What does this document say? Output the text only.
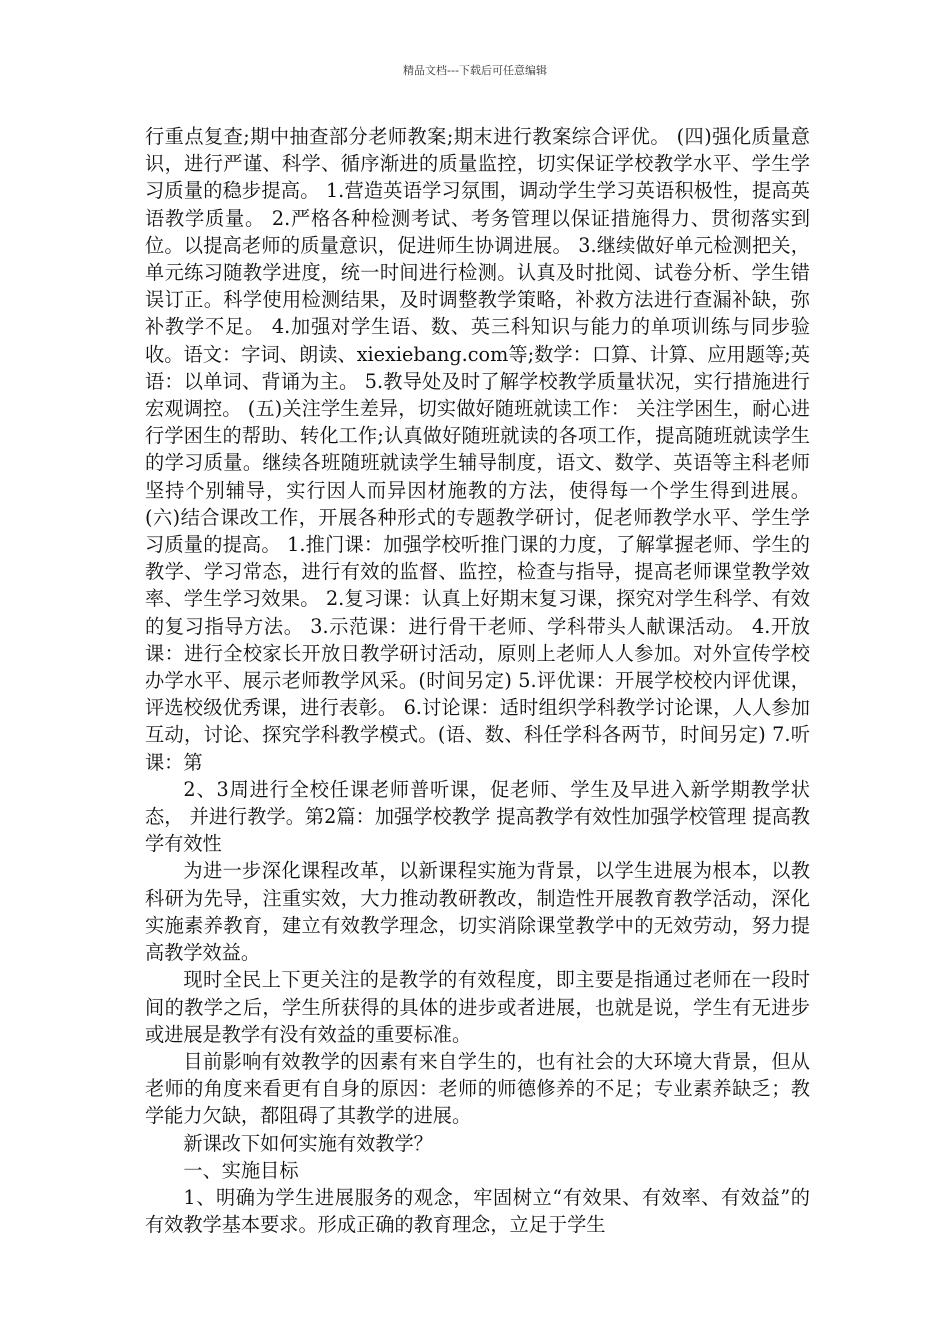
精品文档---下载后可任意编辑

行重点复查;期中抽查部分老师教案;期末进行教案综合评优。 (四)强化质量意识，进行严谨、科学、循序渐进的质量监控，切实保证学校教学水平、学生学习质量的稳步提高。 1.营造英语学习氛围，调动学生学习英语积极性，提高英语教学质量。 2.严格各种检测考试、考务管理以保证措施得力、贯彻落实到位。以提高老师的质量意识，促进师生协调进展。 3.继续做好单元检测把关，单元练习随教学进度，统一时间进行检测。认真及时批阅、试卷分析、学生错误订正。科学使用检测结果，及时调整教学策略，补救方法进行查漏补缺，弥补教学不足。 4.加强对学生语、数、英三科知识与能力的单项训练与同步验收。语文：字词、朗读、xiexiebang.com等;数学：口算、计算、应用题等;英语：以单词、背诵为主。 5.教导处及时了解学校教学质量状况，实行措施进行宏观调控。 (五)关注学生差异，切实做好随班就读工作： 关注学困生，耐心进行学困生的帮助、转化工作;认真做好随班就读的各项工作，提高随班就读学生的学习质量。继续各班随班就读学生辅导制度，语文、数学、英语等主科老师坚持个别辅导，实行因人而异因材施教的方法，使得每一个学生得到进展。 (六)结合课改工作，开展各种形式的专题教学研讨，促老师教学水平、学生学习质量的提高。 1.推门课：加强学校听推门课的力度，了解掌握老师、学生的教学、学习常态，进行有效的监督、监控，检查与指导，提高老师课堂教学效率、学生学习效果。 2.复习课：认真上好期末复习课，探究对学生科学、有效的复习指导方法。 3.示范课：进行骨干老师、学科带头人献课活动。 4.开放课：进行全校家长开放日教学研讨活动，原则上老师人人参加。对外宣传学校办学水平、展示老师教学风采。(时间另定) 5.评优课：开展学校校内评优课，评选校级优秀课，进行表彰。 6.讨论课：适时组织学科教学讨论课，人人参加互动，讨论、探究学科教学模式。(语、数、科任学科各两节，时间另定) 7.听课：第

2、3周进行全校任课老师普听课，促老师、学生及早进入新学期教学状态， 并进行教学。第2篇：加强学校教学 提高教学有效性加强学校管理 提高教学有效性

为进一步深化课程改革，以新课程实施为背景，以学生进展为根本，以教科研为先导，注重实效，大力推动教研教改，制造性开展教育教学活动，深化实施素养教育，建立有效教学理念，切实消除课堂教学中的无效劳动，努力提高教学效益。

现时全民上下更关注的是教学的有效程度，即主要是指通过老师在一段时间的教学之后，学生所获得的具体的进步或者进展，也就是说，学生有无进步或进展是教学有没有效益的重要标准。

目前影响有效教学的因素有来自学生的，也有社会的大环境大背景，但从老师的角度来看更有自身的原因：老师的师德修养的不足；专业素养缺乏；教学能力欠缺，都阻碍了其教学的进展。

新课改下如何实施有效教学？

一、实施目标

1、明确为学生进展服务的观念，牢固树立“有效果、有效率、有效益”的有效教学基本要求。形成正确的教育理念，立足于学生
